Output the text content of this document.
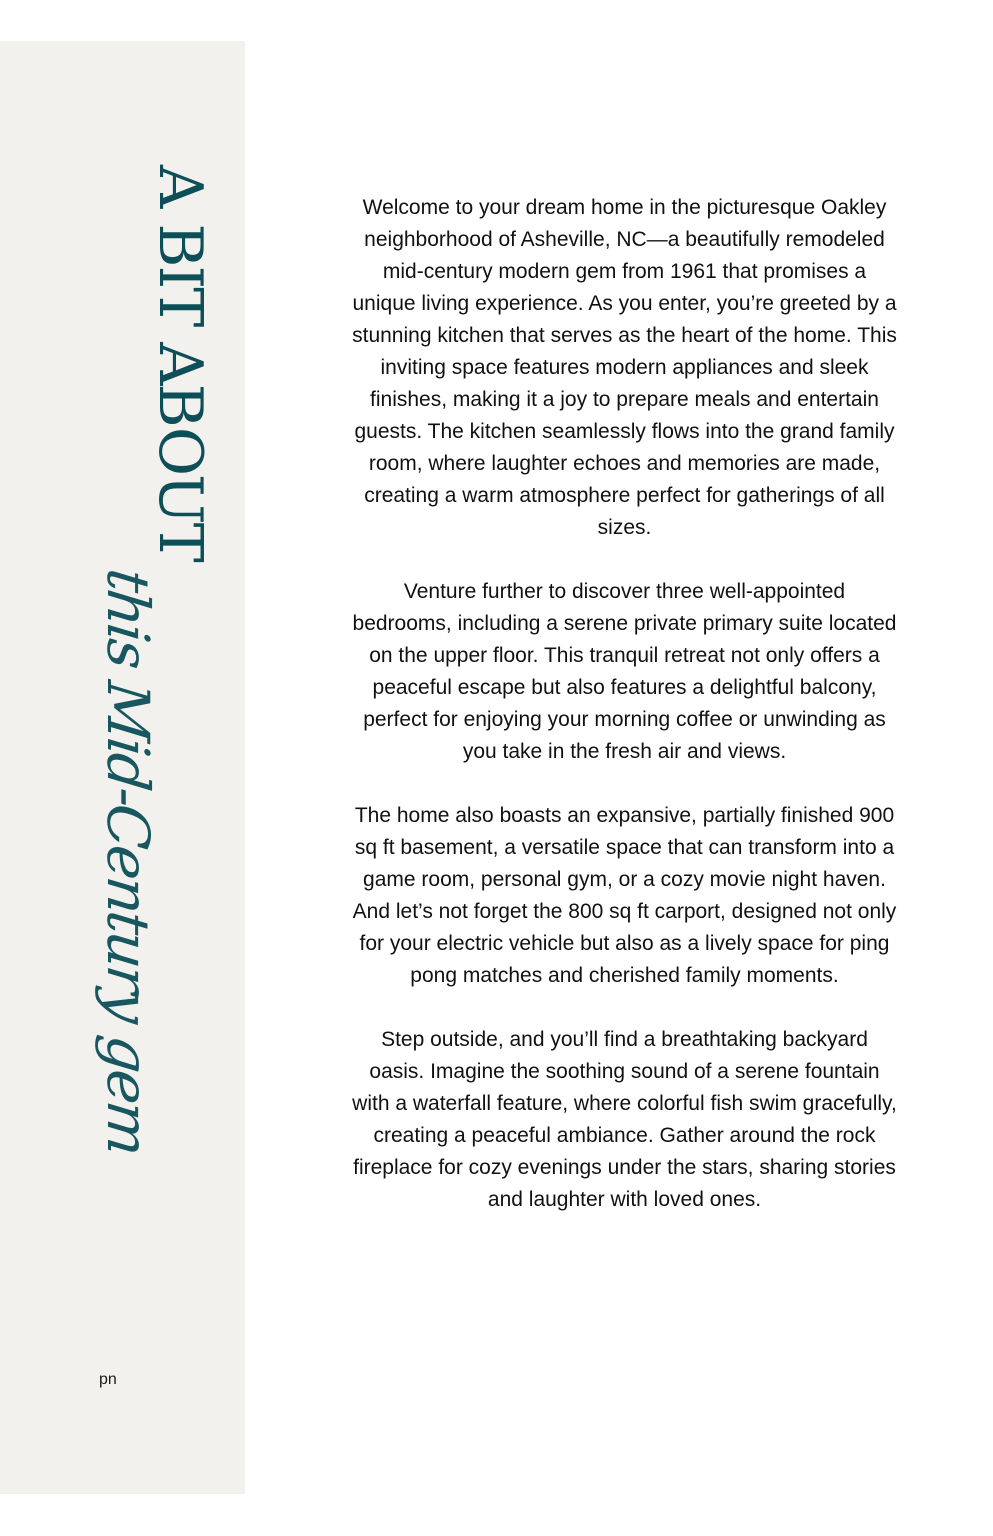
A BIT ABOUT
this Mid-Century gem
pn

Welcome to your dream home in the picturesque Oakley neighborhood of Asheville, NC—a beautifully remodeled mid-century modern gem from 1961 that promises a unique living experience. As you enter, you’re greeted by a stunning kitchen that serves as the heart of the home. This inviting space features modern appliances and sleek finishes, making it a joy to prepare meals and entertain guests. The kitchen seamlessly flows into the grand family room, where laughter echoes and memories are made, creating a warm atmosphere perfect for gatherings of all sizes.

Venture further to discover three well-appointed bedrooms, including a serene private primary suite located on the upper floor. This tranquil retreat not only offers a peaceful escape but also features a delightful balcony, perfect for enjoying your morning coffee or unwinding as you take in the fresh air and views.

The home also boasts an expansive, partially finished 900 sq ft basement, a versatile space that can transform into a game room, personal gym, or a cozy movie night haven. And let’s not forget the 800 sq ft carport, designed not only for your electric vehicle but also as a lively space for ping pong matches and cherished family moments.

Step outside, and you’ll find a breathtaking backyard oasis. Imagine the soothing sound of a serene fountain with a waterfall feature, where colorful fish swim gracefully, creating a peaceful ambiance. Gather around the rock fireplace for cozy evenings under the stars, sharing stories and laughter with loved ones.
